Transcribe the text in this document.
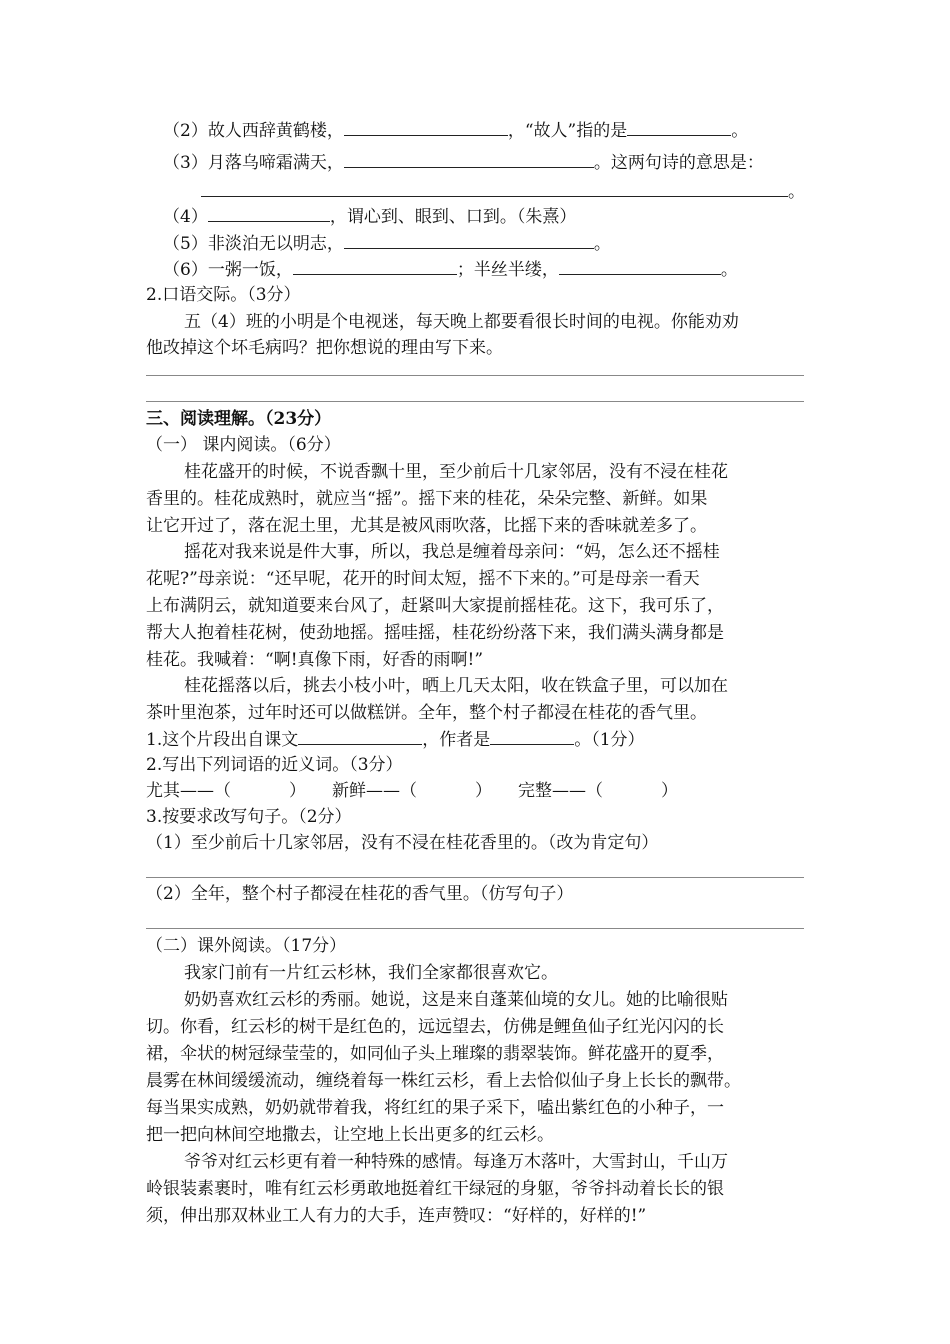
（2）故人西辞黄鹤楼，	，“故人”指的是	。
（3）月落乌啼霜满天，	。这两句诗的意思是：
。
（4）	，谓心到、眼到、口到。（朱熹）
（5）非淡泊无以明志，	。
（6）一粥一饭，	；半丝半缕，	。
2.口语交际。（3分）
五（4）班的小明是个电视迷，每天晚上都要看很长时间的电视。你能劝劝
他改掉这个坏毛病吗？把你想说的理由写下来。
三、阅读理解。（23分）
（一） 课内阅读。（6分）
桂花盛开的时候，不说香飘十里，至少前后十几家邻居，没有不浸在桂花
香里的。桂花成熟时，就应当“摇”。摇下来的桂花，朵朵完整、新鲜。如果
让它开过了，落在泥土里，尤其是被风雨吹落，比摇下来的香味就差多了。
摇花对我来说是件大事，所以，我总是缠着母亲问：“妈，怎么还不摇桂
花呢?”母亲说：“还早呢，花开的时间太短，摇不下来的。”可是母亲一看天
上布满阴云，就知道要来台风了，赶紧叫大家提前摇桂花。这下，我可乐了，
帮大人抱着桂花树，使劲地摇。摇哇摇，桂花纷纷落下来，我们满头满身都是
桂花。我喊着：“啊!真像下雨，好香的雨啊!”
桂花摇落以后，挑去小枝小叶，晒上几天太阳，收在铁盒子里，可以加在
茶叶里泡茶，过年时还可以做糕饼。全年，整个村子都浸在桂花的香气里。
1.这个片段出自课文	，作者是	。（1分）
2.写出下列词语的近义词。（3分）
尤其——（	） 新鲜——（	） 完整——（	）
3.按要求改写句子。（2分）
（1）至少前后十几家邻居，没有不浸在桂花香里的。（改为肯定句）
（2）全年，整个村子都浸在桂花的香气里。（仿写句子）
（二）课外阅读。（17分）
我家门前有一片红云杉林，我们全家都很喜欢它。
奶奶喜欢红云杉的秀丽。她说，这是来自蓬莱仙境的女儿。她的比喻很贴
切。你看，红云杉的树干是红色的，远远望去，仿佛是鲤鱼仙子红光闪闪的长
裙，伞状的树冠绿莹莹的，如同仙子头上璀璨的翡翠装饰。鲜花盛开的夏季，
晨雾在林间缓缓流动，缠绕着每一株红云杉，看上去恰似仙子身上长长的飘带。
每当果实成熟，奶奶就带着我，将红红的果子采下，嗑出紫红色的小种子，一
把一把向林间空地撒去，让空地上长出更多的红云杉。
爷爷对红云杉更有着一种特殊的感情。每逢万木落叶，大雪封山，千山万
岭银装素裹时，唯有红云杉勇敢地挺着红干绿冠的身躯，爷爷抖动着长长的银
须，伸出那双林业工人有力的大手，连声赞叹：“好样的，好样的!”
